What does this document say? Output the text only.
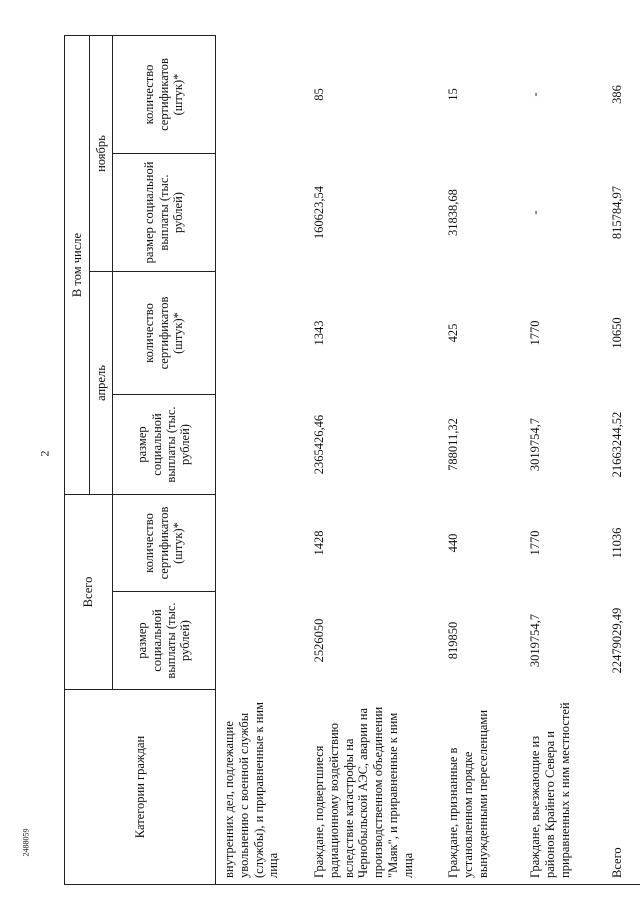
2
2488059
Категории граждан	Всего		В том числе			
			апрель		ноябрь	
	размер социальной выплаты (тыс. рублей)	количество сертификатов (штук)*	размер социальной выплаты (тыс. рублей)	количество сертификатов (штук)*	размер социальной выплаты (тыс. рублей)	количество сертификатов (штук)*
внутренних дел, подлежащие увольнению с военной службы (службы), и приравненные к ним лица						
Граждане, подвергшиеся радиационному воздействию вследствие катастрофы на Чернобыльской АЭС, аварии на производственном объединении "Маяк", и приравненные к ним лица	2526050	1428	2365426,46	1343	160623,54	85
Граждане, признанные в установленном порядке вынужденными переселенцами	819850	440	788011,32	425	31838,68	15
Граждане, выезжающие из районов Крайнего Севера и приравненных к ним местностей	3019754,7	1770	3019754,7	1770	-	-
Всего	22479029,49	11036	21663244,52	10650	815784,97	386
